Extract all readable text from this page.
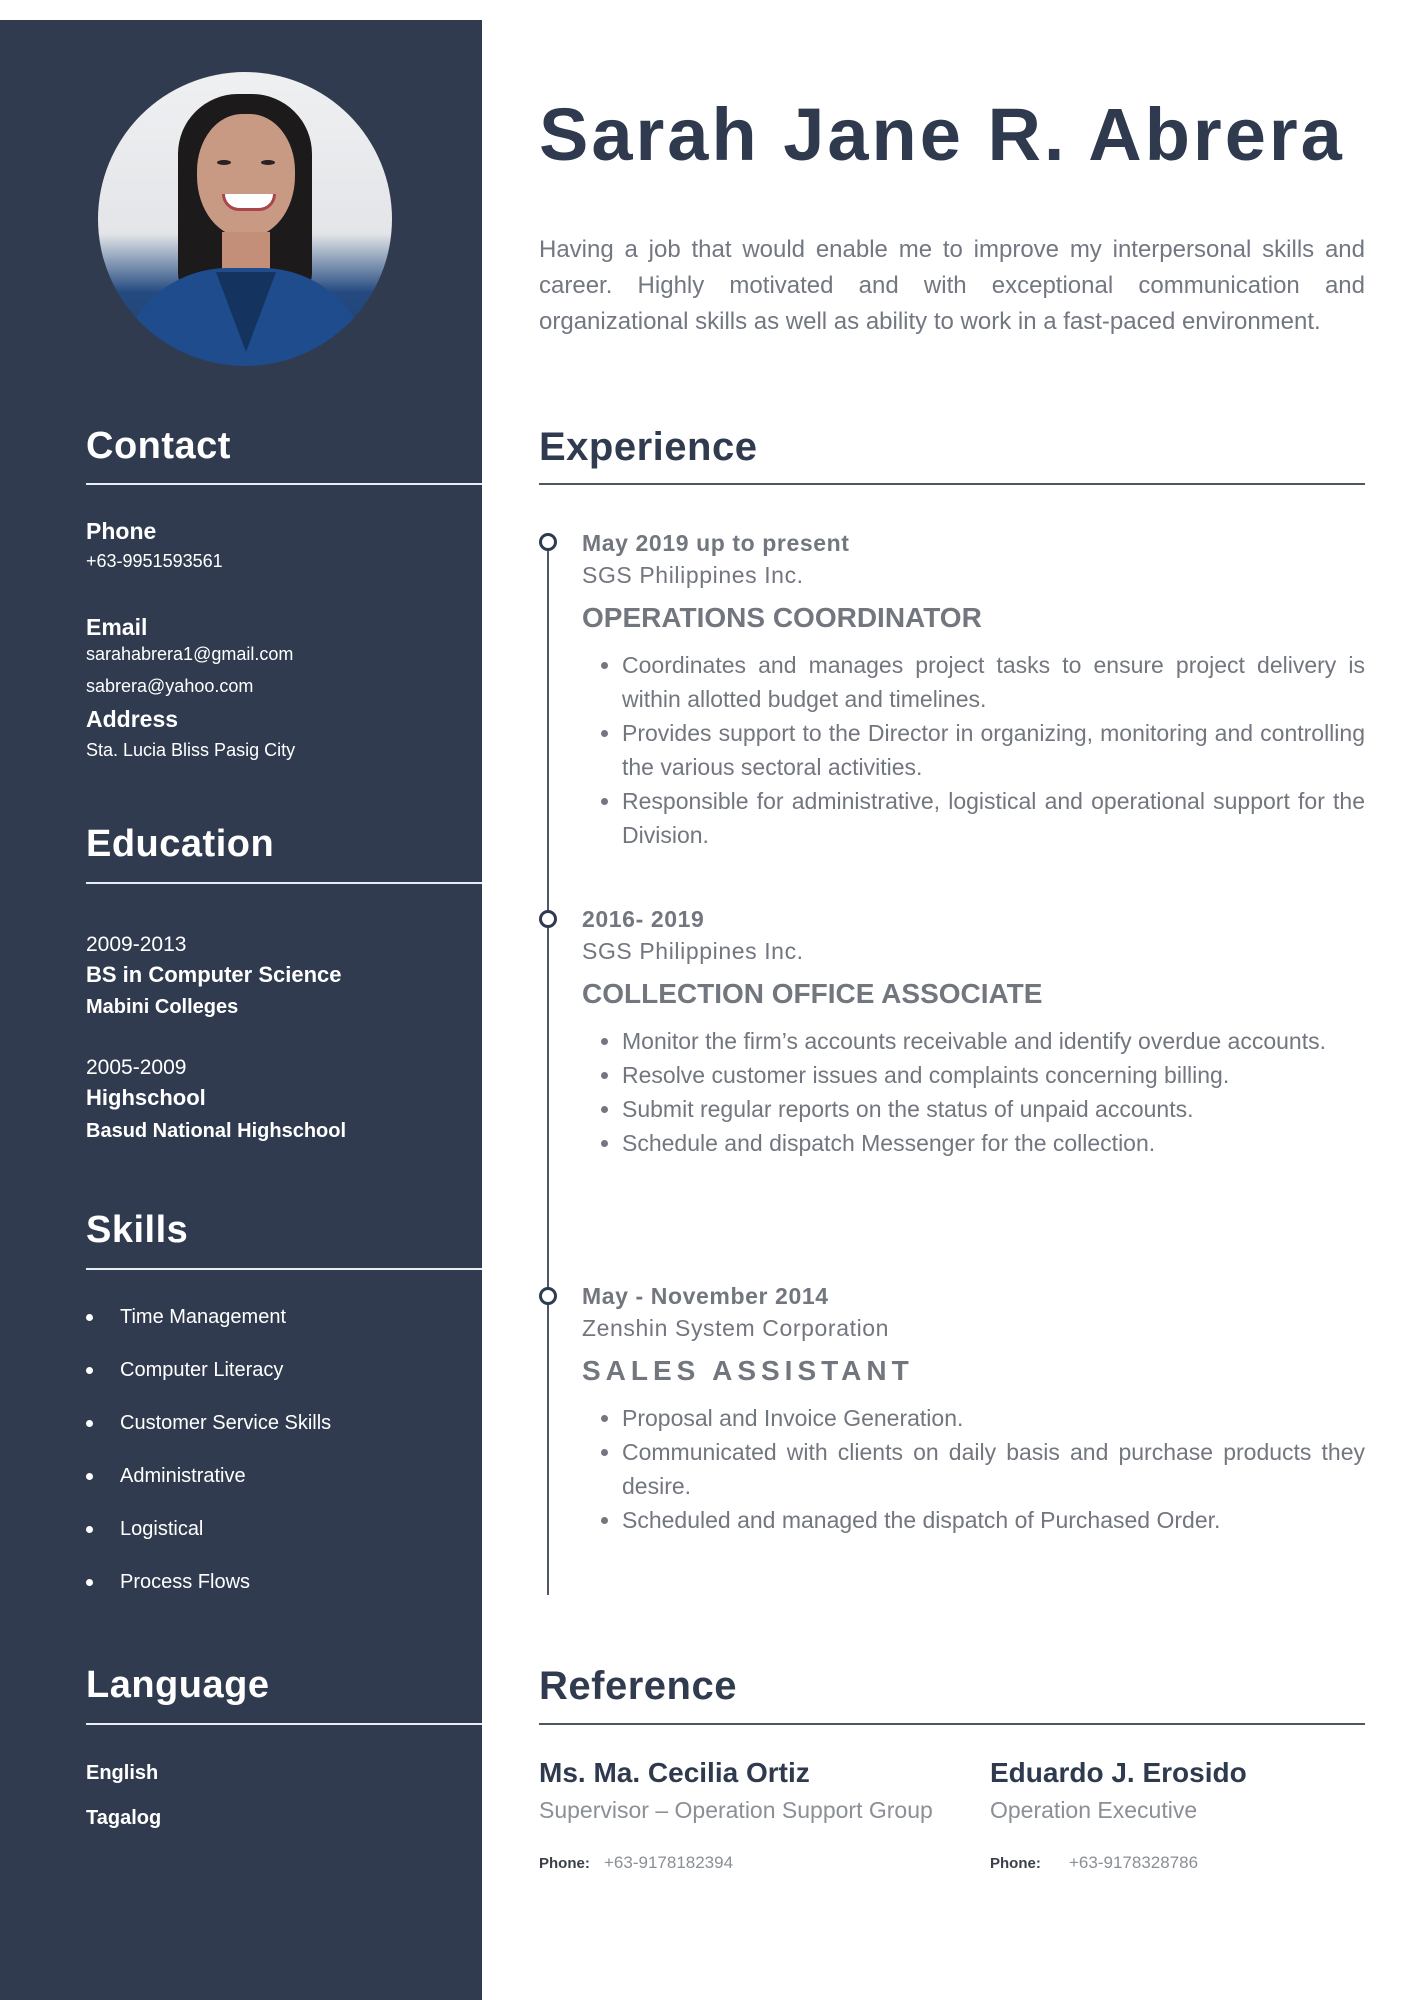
Contact
Phone
+63-9951593561
Email
sarahabrera1@gmail.com
sabrera@yahoo.com
Address
Sta. Lucia Bliss Pasig City
Education
2009-2013
BS in Computer Science
Mabini Colleges
2005-2009
Highschool
Basud National Highschool
Skills
Time Management
Computer Literacy
Customer Service Skills
Administrative
Logistical
Process Flows
Language
English
Tagalog
Sarah Jane R. Abrera

Having a job that would enable me to improve my interpersonal skills and career. Highly motivated and with exceptional communication and organizational skills as well as ability to work in a fast-paced environment.

Experience

May 2019 up to present

SGS Philippines Inc.

OPERATIONS COORDINATOR

• Coordinates and manages project tasks to ensure project delivery is within allotted budget and timelines.
• Provides support to the Director in organizing, monitoring and controlling the various sectoral activities.
• Responsible for administrative, logistical and operational support for the Division.

2016- 2019

SGS Philippines Inc.

COLLECTION OFFICE ASSOCIATE

• Monitor the firm’s accounts receivable and identify overdue accounts.
• Resolve customer issues and complaints concerning billing.
• Submit regular reports on the status of unpaid accounts.
• Schedule and dispatch Messenger for the collection.

May - November 2014

Zenshin System Corporation

SALES ASSISTANT

• Proposal and Invoice Generation.
• Communicated with clients on daily basis and purchase products they desire.
• Scheduled and managed the dispatch of Purchased Order.
Reference

Ms. Ma. Cecilia Ortiz

Supervisor – Operation Support Group

Phone: +63-9178182394

Eduardo J. Erosido

Operation Executive

Phone: +63-9178328786
